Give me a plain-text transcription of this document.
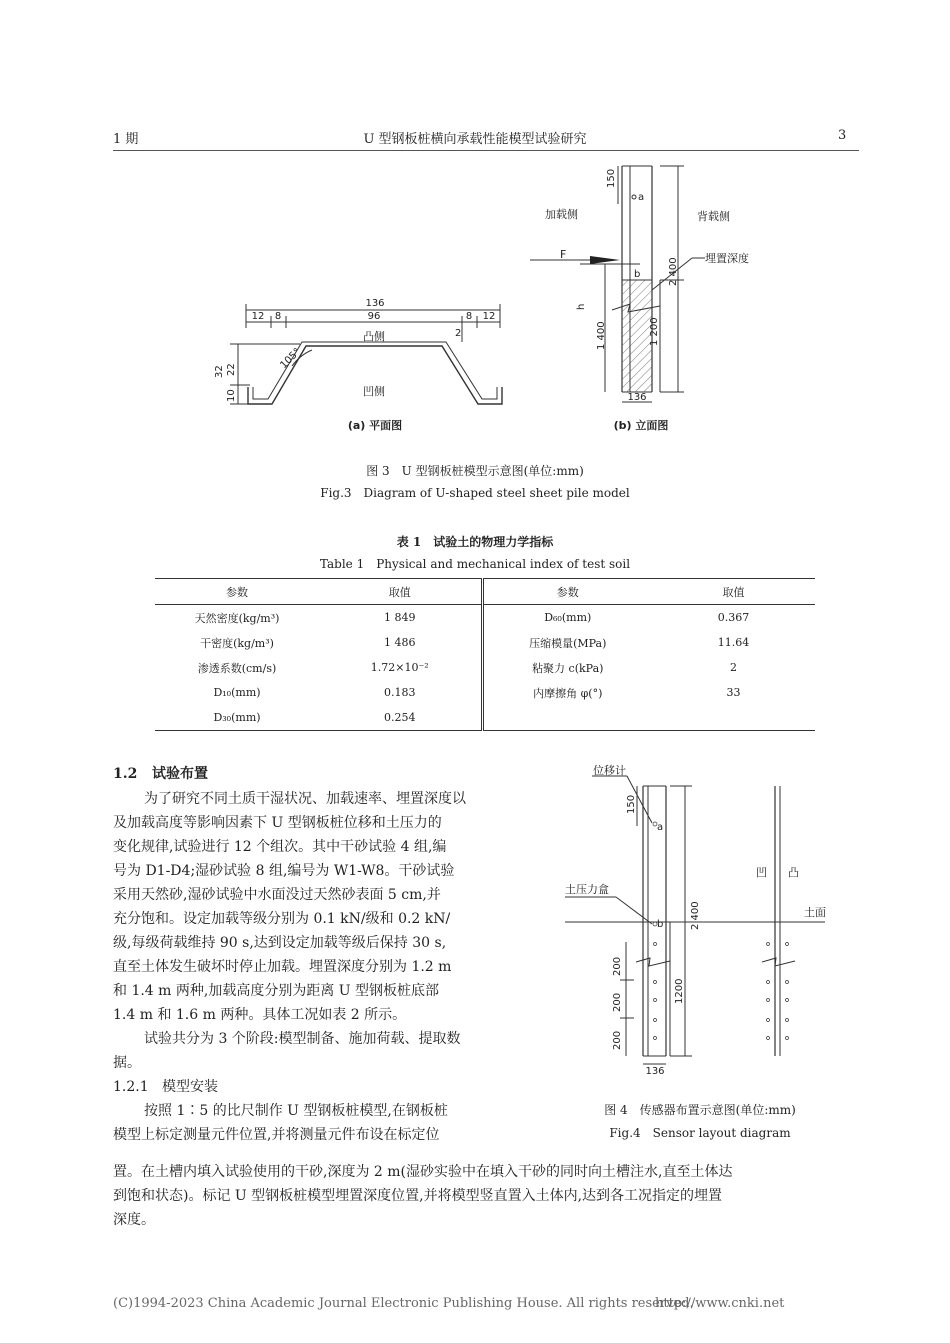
1 期	U 型钢板桩横向承载性能模型试验研究	3
136
12 8	96	8 12
2
105°
32 22
10
凸侧
凹侧
(a) 平面图
加载侧	背载侧
F	埋置深度
150
a
b	2 400
h
1 400	1 200
136
(b) 立面图
图 3　U 型钢板桩模型示意图(单位:mm)
Fig.3　Diagram of U-shaped steel sheet pile model
表 1　试验土的物理力学指标
Table 1　Physical and mechanical index of test soil
参数	取值	参数	取值
天然密度(kg/m³)	1 849	D₆₀(mm)	0.367
干密度(kg/m³)	1 486	压缩模量(MPa)	11.64
渗透系数(cm/s)	1.72×10⁻²	粘聚力 c(kPa)	2
D₁₀(mm)	0.183	内摩擦角 φ(°)	33
D₃₀(mm)	0.254		
1.2 试验布置
为了研究不同土质干湿状况、加载速率、埋置深度以
及加载高度等影响因素下 U 型钢板桩位移和土压力的
变化规律,试验进行 12 个组次。其中干砂试验 4 组,编
号为 D1-D4;湿砂试验 8 组,编号为 W1-W8。干砂试验
采用天然砂,湿砂试验中水面没过天然砂表面 5 cm,并
充分饱和。设定加载等级分别为 0.1 kN/级和 0.2 kN/
级,每级荷载维持 90 s,达到设定加载等级后保持 30 s,
直至土体发生破坏时停止加载。埋置深度分别为 1.2 m
和 1.4 m 两种,加载高度分别为距离 U 型钢板桩底部
1.4 m 和 1.6 m 两种。具体工况如表 2 所示。
试验共分为 3 个阶段:模型制备、施加荷载、提取数
据。
1.2.1 模型安装
按照 1∶5 的比尺制作 U 型钢板桩模型,在钢板桩
模型上标定测量元件位置,并将测量元件布设在标定位
置。在土槽内填入试验使用的干砂,深度为 2 m(湿砂实验中在填入干砂的同时向土槽注水,直至土体达
到饱和状态)。标记 U 型钢板桩模型埋置深度位置,并将模型竖直置入土体内,达到各工况指定的埋置
深度。
位移计
150
a
土压力盒
b	2 400
凹 凸
土面
200
200
200
1200
136
图 4　传感器布置示意图(单位:mm)
Fig.4　Sensor layout diagram
(C)1994-2023 China Academic Journal Electronic Publishing House. All rights reserved.
http://www.cnki.net
